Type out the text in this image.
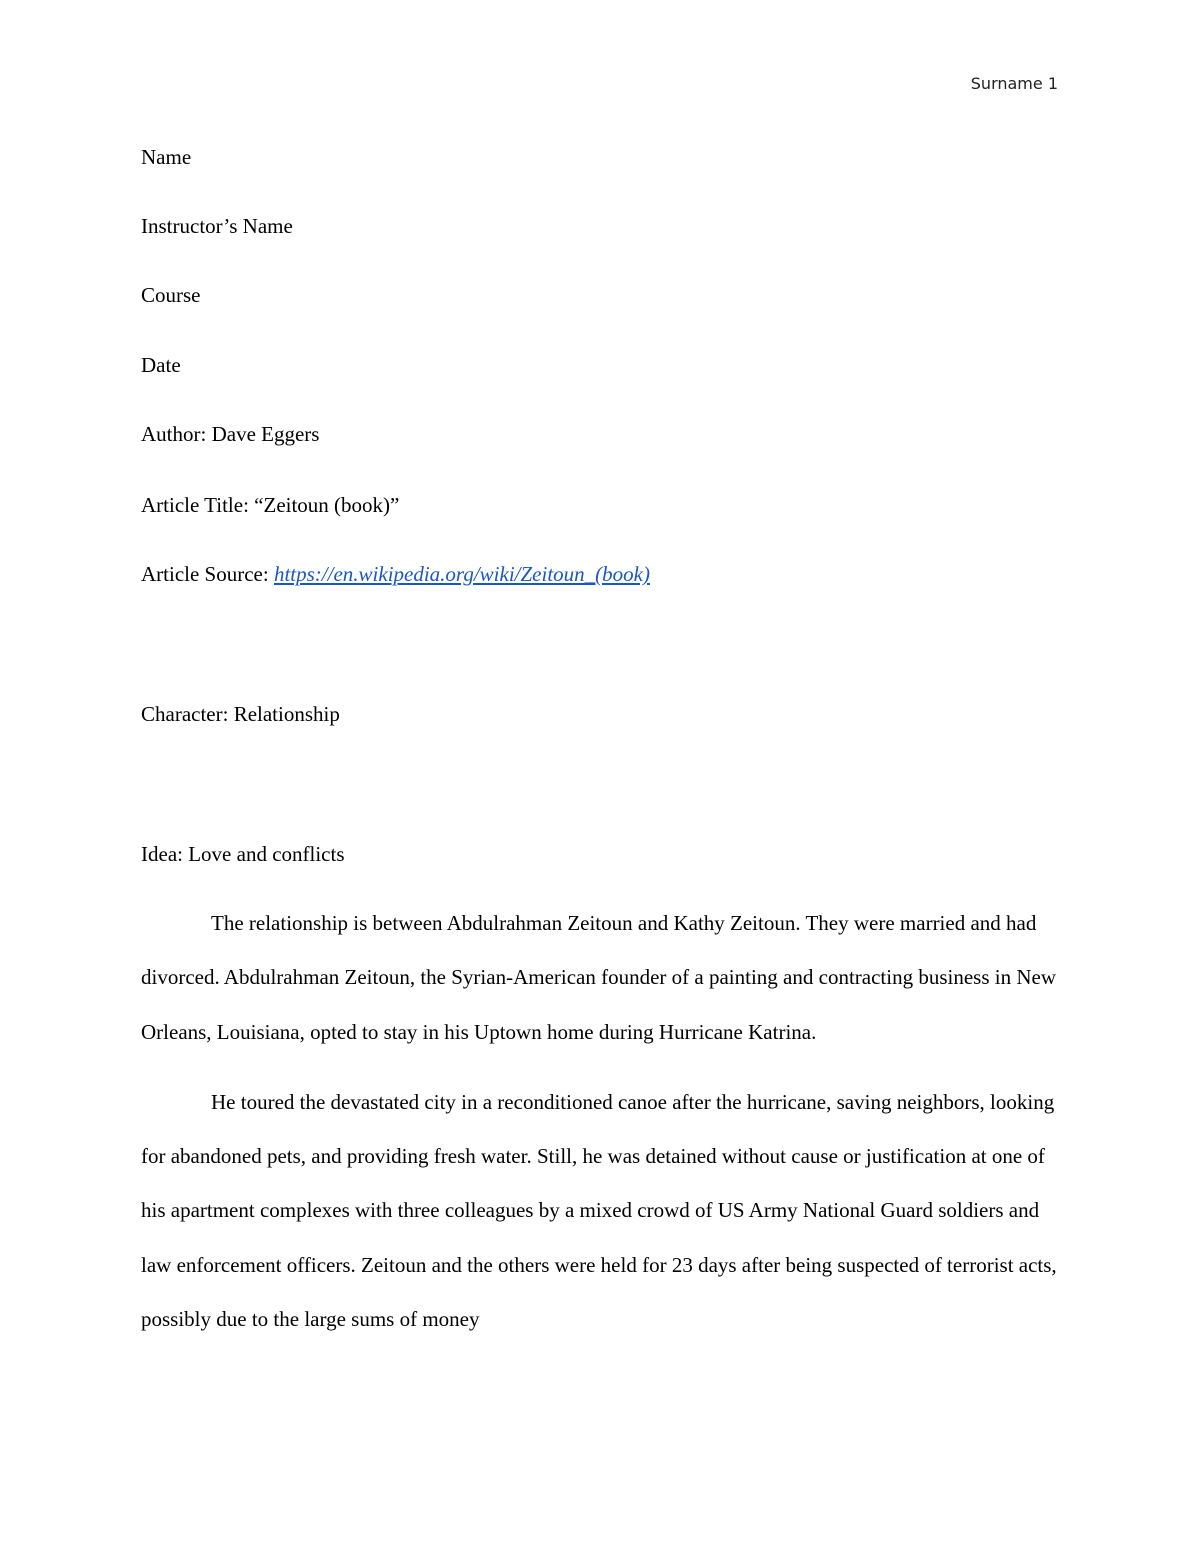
Surname 1
Name
Instructor’s Name
Course
Date
Author: Dave Eggers
Article Title: “Zeitoun (book)”
Article Source: https://en.wikipedia.org/wiki/Zeitoun_(book)
Character: Relationship
Idea: Love and conflicts

The relationship is between Abdulrahman Zeitoun and Kathy Zeitoun. They were married and had divorced. Abdulrahman Zeitoun, the Syrian-American founder of a painting and contracting business in New Orleans, Louisiana, opted to stay in his Uptown home during Hurricane Katrina.

He toured the devastated city in a reconditioned canoe after the hurricane, saving neighbors, looking for abandoned pets, and providing fresh water. Still, he was detained without cause or justification at one of his apartment complexes with three colleagues by a mixed crowd of US Army National Guard soldiers and law enforcement officers. Zeitoun and the others were held for 23 days after being suspected of terrorist acts, possibly due to the large sums of money
